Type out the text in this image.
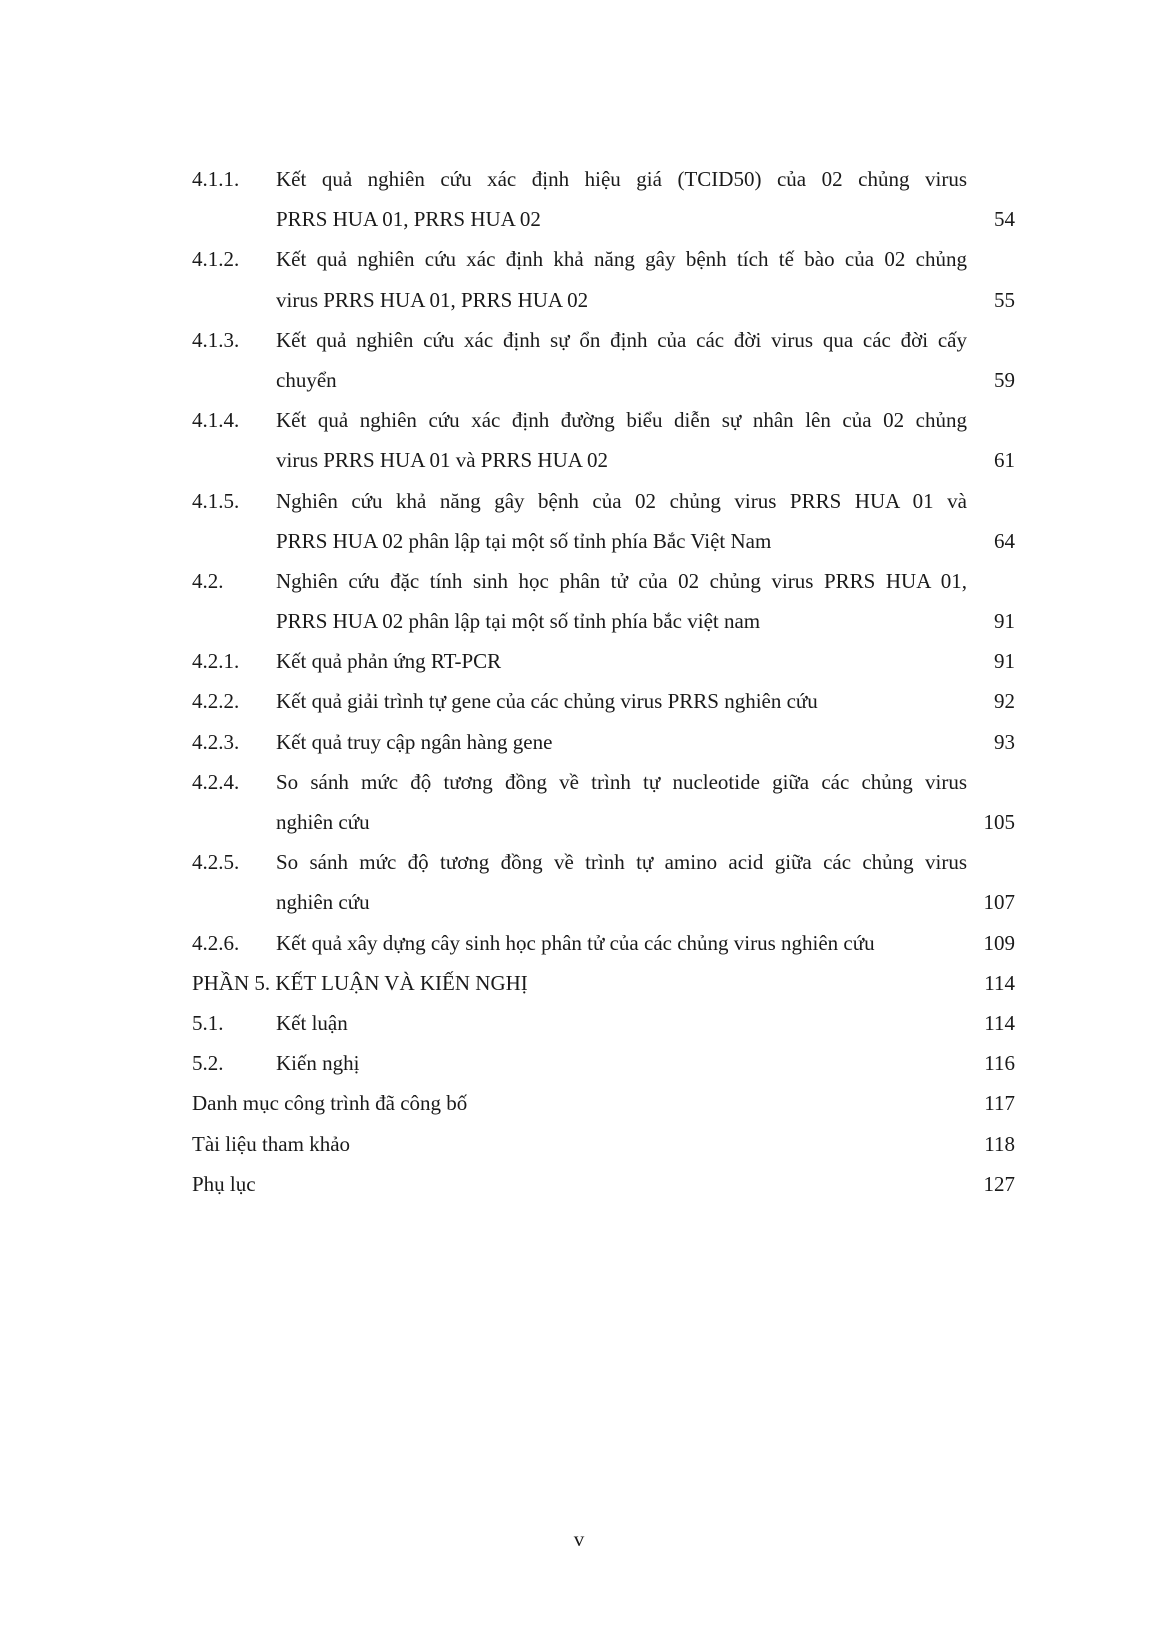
4.1.1. Kết quả nghiên cứu xác định hiệu giá (TCID50) của 02 chủng virus
PRRS HUA 01, PRRS HUA 02	54
4.1.2. Kết quả nghiên cứu xác định khả năng gây bệnh tích tế bào của 02 chủng
virus PRRS HUA 01, PRRS HUA 02	55
4.1.3. Kết quả nghiên cứu xác định sự ổn định của các đời virus qua các đời cấy
chuyển	59
4.1.4. Kết quả nghiên cứu xác định đường biểu diễn sự nhân lên của 02 chủng
virus PRRS HUA 01 và PRRS HUA 02	61
4.1.5. Nghiên cứu khả năng gây bệnh của 02 chủng virus PRRS HUA 01 và
PRRS HUA 02 phân lập tại một số tỉnh phía Bắc Việt Nam	64
4.2.	Nghiên cứu đặc tính sinh học phân tử của 02 chủng virus PRRS HUA 01,
PRRS HUA 02 phân lập tại một số tỉnh phía bắc việt nam	91
4.2.1. Kết quả phản ứng RT-PCR	91
4.2.2. Kết quả giải trình tự gene của các chủng virus PRRS nghiên cứu	92
4.2.3. Kết quả truy cập ngân hàng gene	93
4.2.4. So sánh mức độ tương đồng về trình tự nucleotide giữa các chủng virus
nghiên cứu	105
4.2.5. So sánh mức độ tương đồng về trình tự amino acid giữa các chủng virus
nghiên cứu	107
4.2.6. Kết quả xây dựng cây sinh học phân tử của các chủng virus nghiên cứu	109
PHẦN 5. KẾT LUẬN VÀ KIẾN NGHỊ	114
5.1.	Kết luận	114
5.2.	Kiến nghị	116
Danh mục công trình đã công bố	117
Tài liệu tham khảo	118
Phụ lục	127
v
